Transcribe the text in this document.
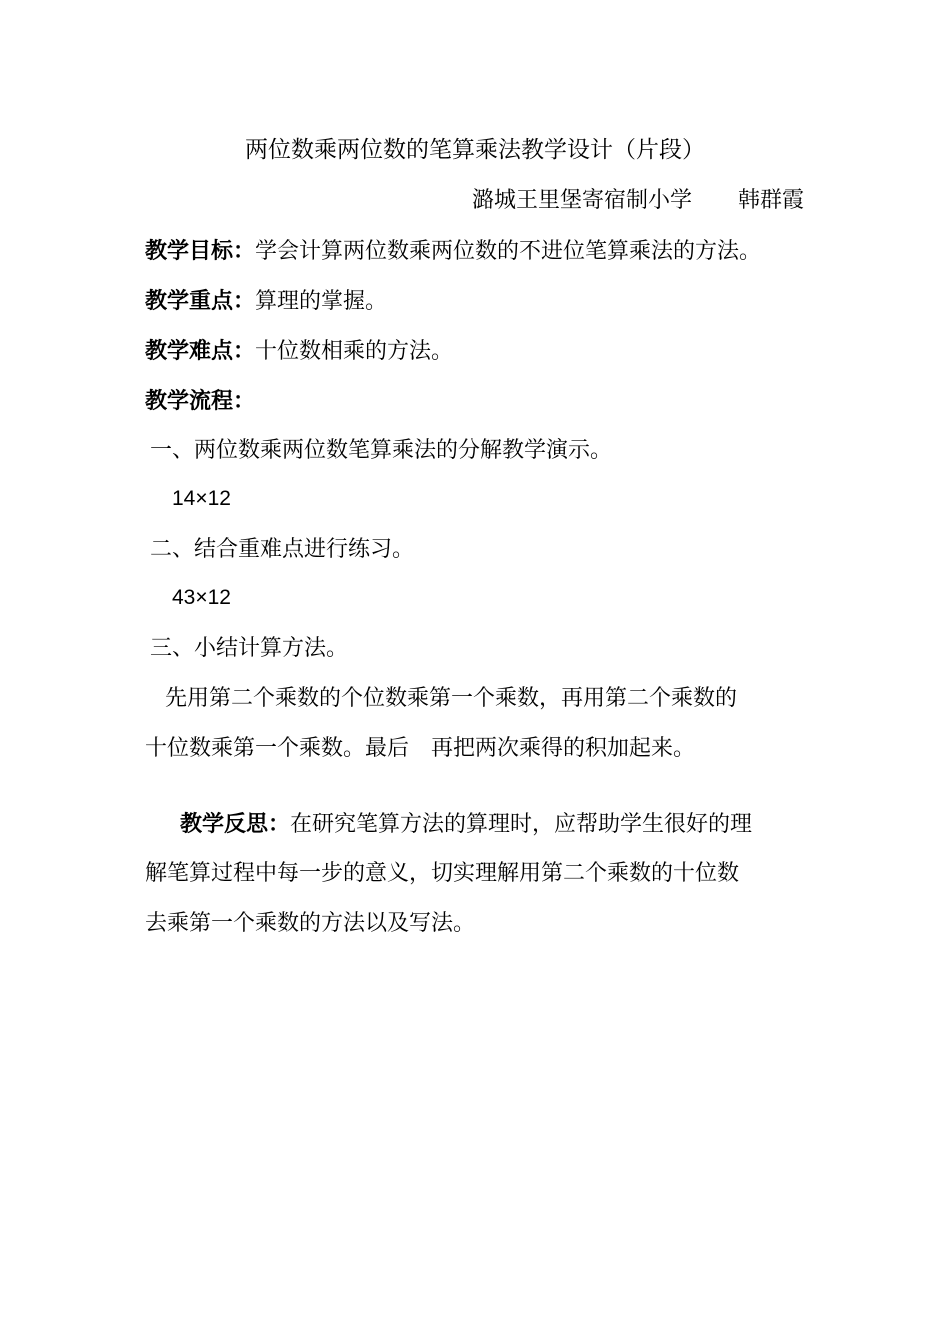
两位数乘两位数的笔算乘法教学设计（片段）
潞城王里堡寄宿制小学 韩群霞
教学目标：学会计算两位数乘两位数的不进位笔算乘法的方法。
教学重点：算理的掌握。
教学难点：十位数相乘的方法。
教学流程：
一、两位数乘两位数笔算乘法的分解教学演示。
14×12
二、结合重难点进行练习。
43×12
三、小结计算方法。
先用第二个乘数的个位数乘第一个乘数，再用第二个乘数的
十位数乘第一个乘数。最后 再把两次乘得的积加起来。
教学反思：在研究笔算方法的算理时，应帮助学生很好的理
解笔算过程中每一步的意义，切实理解用第二个乘数的十位数
去乘第一个乘数的方法以及写法。
